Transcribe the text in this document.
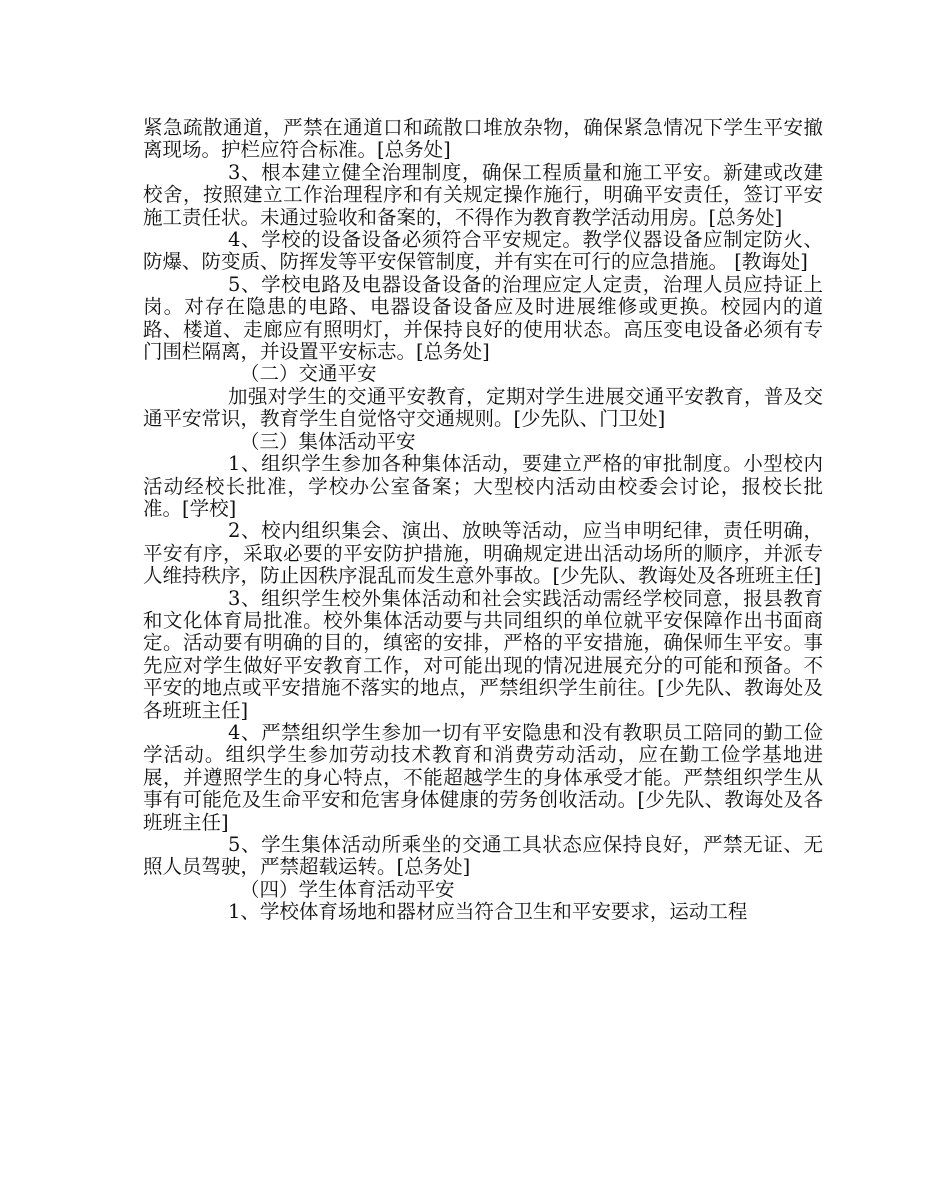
紧急疏散通道，严禁在通道口和疏散口堆放杂物，确保紧急情况下学生平安撤离现场。护栏应符合标准。[总务处]

3、根本建立健全治理制度，确保工程质量和施工平安。新建或改建校舍，按照建立工作治理程序和有关规定操作施行，明确平安责任，签订平安施工责任状。未通过验收和备案的，不得作为教育教学活动用房。[总务处]

4、学校的设备设备必须符合平安规定。教学仪器设备应制定防火、防爆、防变质、防挥发等平安保管制度，并有实在可行的应急措施。 [教诲处]

5、学校电路及电器设备设备的治理应定人定责，治理人员应持证上岗。对存在隐患的电路、电器设备设备应及时进展维修或更换。校园内的道路、楼道、走廊应有照明灯，并保持良好的使用状态。高压变电设备必须有专门围栏隔离，并设置平安标志。[总务处]

（二）交通平安

加强对学生的交通平安教育，定期对学生进展交通平安教育，普及交通平安常识，教育学生自觉恪守交通规则。[少先队、门卫处]

（三）集体活动平安

1、组织学生参加各种集体活动，要建立严格的审批制度。小型校内活动经校长批准，学校办公室备案；大型校内活动由校委会讨论，报校长批准。[学校]

2、校内组织集会、演出、放映等活动，应当申明纪律，责任明确，平安有序，采取必要的平安防护措施，明确规定进出活动场所的顺序，并派专人维持秩序，防止因秩序混乱而发生意外事故。[少先队、教诲处及各班班主任]

3、组织学生校外集体活动和社会实践活动需经学校同意，报县教育和文化体育局批准。校外集体活动要与共同组织的单位就平安保障作出书面商定。活动要有明确的目的，缜密的安排，严格的平安措施，确保师生平安。事先应对学生做好平安教育工作，对可能出现的情况进展充分的可能和预备。不平安的地点或平安措施不落实的地点，严禁组织学生前往。[少先队、教诲处及各班班主任]

4、严禁组织学生参加一切有平安隐患和没有教职员工陪同的勤工俭学活动。组织学生参加劳动技术教育和消费劳动活动，应在勤工俭学基地进展，并遵照学生的身心特点，不能超越学生的身体承受才能。严禁组织学生从事有可能危及生命平安和危害身体健康的劳务创收活动。[少先队、教诲处及各班班主任]

5、学生集体活动所乘坐的交通工具状态应保持良好，严禁无证、无照人员驾驶，严禁超载运转。[总务处]

（四）学生体育活动平安

1、学校体育场地和器材应当符合卫生和平安要求，运动工程
